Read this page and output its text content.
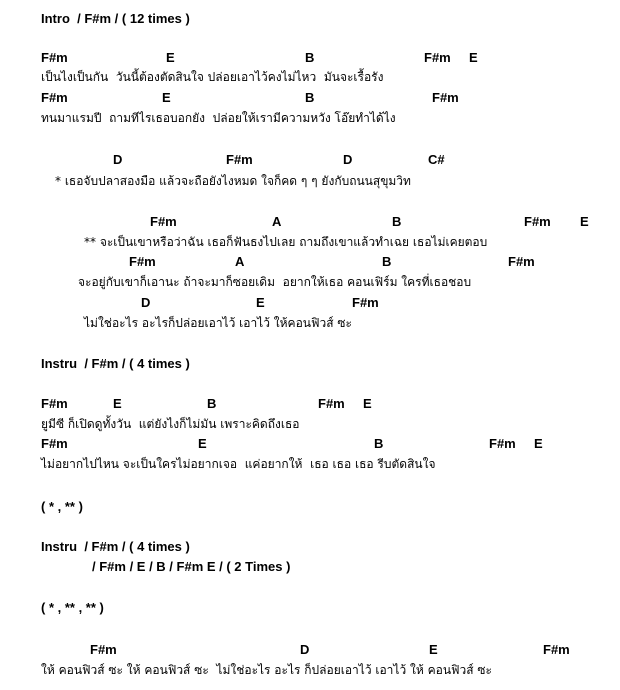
Intro  / F#m / ( 12 times )
F#m	E	B	F#m E
เป็นไงเป็นกัน  วันนี้ต้องตัดสินใจ ปล่อยเอาไว้คงไม่ไหว  มันจะเรื้อรัง
F#m	E	B	F#m
ทนมาแรมปี  ถามทีไรเธอบอกยัง  ปล่อยให้เรามีความหวัง โอ๊ยทำได้ไง
D	F#m	D	C#
* เธอจับปลาสองมือ แล้วจะถือยังไงหมด ใจก็คด ๆ ๆ ยังกับถนนสุขุมวิท
F#m	A	B	F#m E
** จะเป็นเขาหรือว่าฉัน เธอก็ฟันธงไปเลย ถามถึงเขาแล้วทำเฉย เธอไม่เคยตอบ
F#m	A	B	F#m
จะอยู่กับเขาก็เอานะ ถ้าจะมาก็ซอยเดิม  อยากให้เธอ คอนเฟิร์ม ใครที่เธอชอบ
D	E	F#m
ไม่ใช่อะไร อะไรก็ปล่อยเอาไว้ เอาไว้ ให้คอนฟิวส์ ซะ
Instru  / F#m / ( 4 times )
F#m	E	B	F#m E
ยูมีซี ก็เปิดดูทั้งวัน  แต่ยังไงก็ไม่มัน เพราะคิดถึงเธอ
F#m	E	B	F#m E
ไม่อยากไปไหน จะเป็นใครไม่อยากเจอ  แค่อยากให้  เธอ เธอ เธอ รีบตัดสินใจ
( * , ** )
Instru  / F#m / ( 4 times )
/ F#m / E / B / F#m E / ( 2 Times )
( * , ** , ** )
F#m	D	E	F#m
ให้ คอนฟิวส์ ซะ ให้ คอนฟิวส์ ซะ  ไม่ใช่อะไร อะไร ก็ปล่อยเอาไว้ เอาไว้ ให้ คอนฟิวส์ ซะ
